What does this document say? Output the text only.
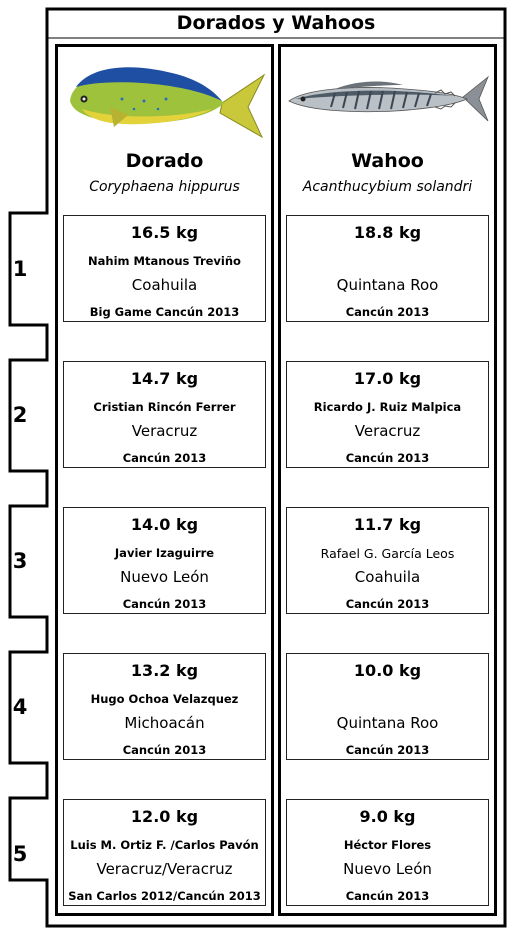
Dorados y Wahoos
1
2
3
4
5
Dorado
Coryphaena hippurus
16.5 kg
Nahim Mtanous Treviño
Coahuila
Big Game Cancún 2013
14.7 kg
Cristian Rincón Ferrer
Veracruz
Cancún 2013
14.0 kg
Javier Izaguirre
Nuevo León
Cancún 2013
13.2 kg
Hugo Ochoa Velazquez
Michoacán
Cancún 2013
12.0 kg
Luis M. Ortiz F. /Carlos Pavón
Veracruz/Veracruz
San Carlos 2012/Cancún 2013
Wahoo
Acanthucybium solandri
18.8 kg
Quintana Roo
Cancún 2013
17.0 kg
Ricardo J. Ruiz Malpica
Veracruz
Cancún 2013
11.7 kg
Rafael G. García Leos
Coahuila
Cancún 2013
10.0 kg
Quintana Roo
Cancún 2013
9.0 kg
Héctor Flores
Nuevo León
Cancún 2013
